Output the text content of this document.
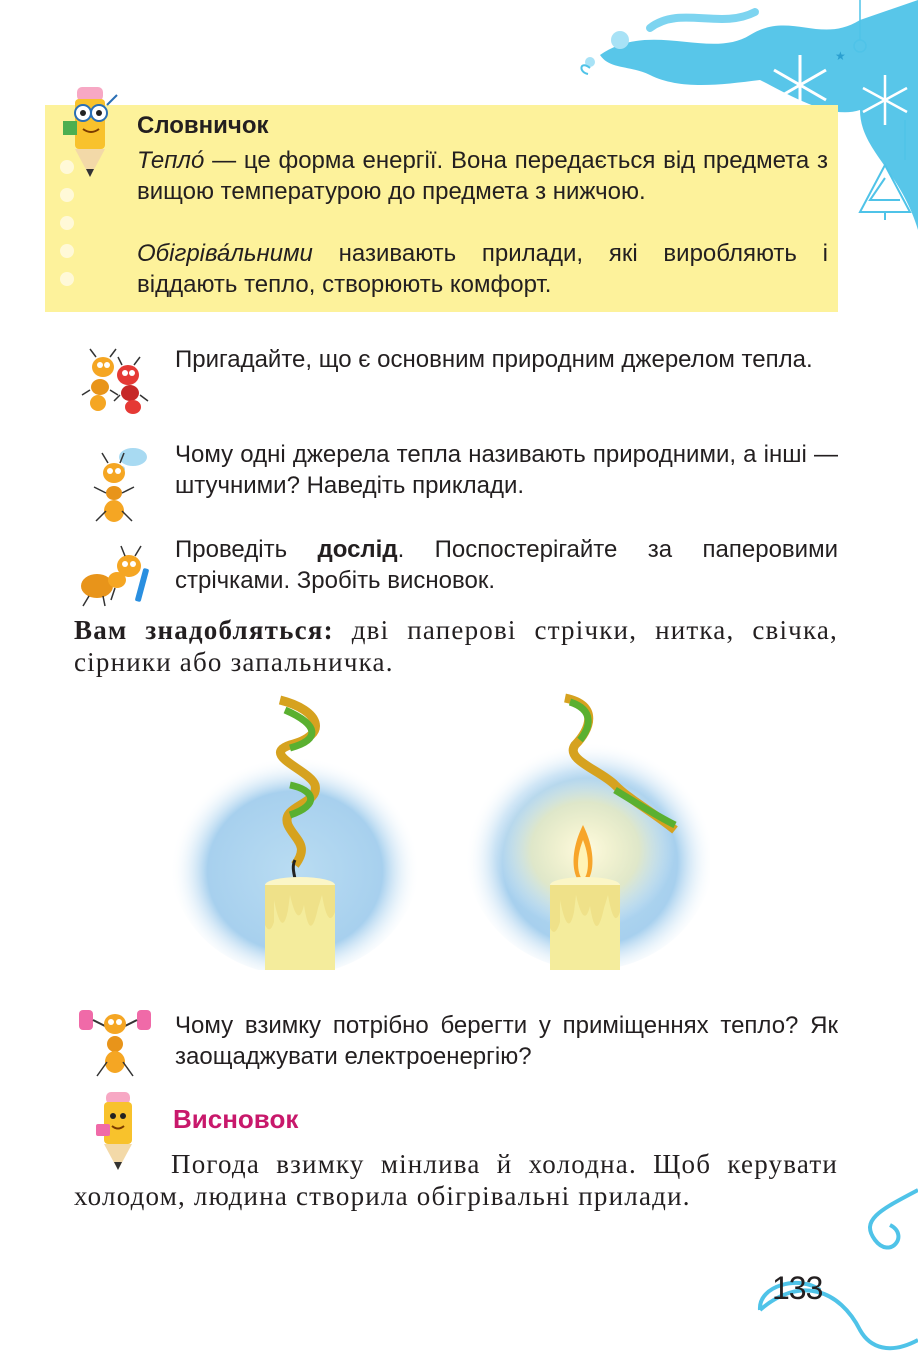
★
★
Словничок
Тепло́ — це форма енергії. Вона передається від предмета з вищою температурою до предмета з нижчою.
Обігріва́льними називають прилади, які виробляють і віддають тепло, створюють комфорт.
Пригадайте, що є основним природним джерелом тепла.
Чому одні джерела тепла називають природними, а інші — штучними? Наведіть приклади.
Проведіть дослід. Поспостерігайте за паперовими стрічками. Зробіть висновок.
Вам знадобляться: дві паперові стрічки, нитка, свічка, сірники або запальничка.
Чому взимку потрібно берегти у приміщеннях тепло? Як заощаджувати електроенергію?
Висновок
Погода взимку мінлива й холодна. Щоб керувати холодом, людина створила обігрівальні прилади.
133
